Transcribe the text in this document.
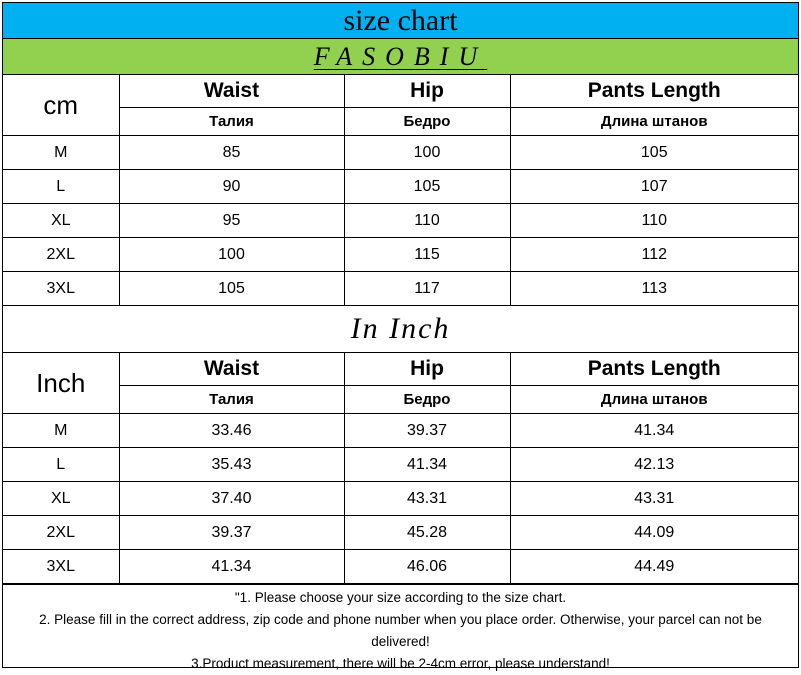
size chart
FASOBIU
cm	Waist	Hip	Pants Length
	Талия	Бедро	Длина штанов
M	85	100	105
L	90	105	107
XL	95	110	110
2XL	100	115	112
3XL	105	117	113
In Inch
Inch	Waist	Hip	Pants Length
	Талия	Бедро	Длина штанов
M	33.46	39.37	41.34
L	35.43	41.34	42.13
XL	37.40	43.31	43.31
2XL	39.37	45.28	44.09
3XL	41.34	46.06	44.49

"1. Please choose your size according to the size chart.

2. Please fill in the correct address, zip code and phone number when you place order. Otherwise, your parcel can not be delivered!

3.Product measurement, there will be 2-4cm error, please understand!
